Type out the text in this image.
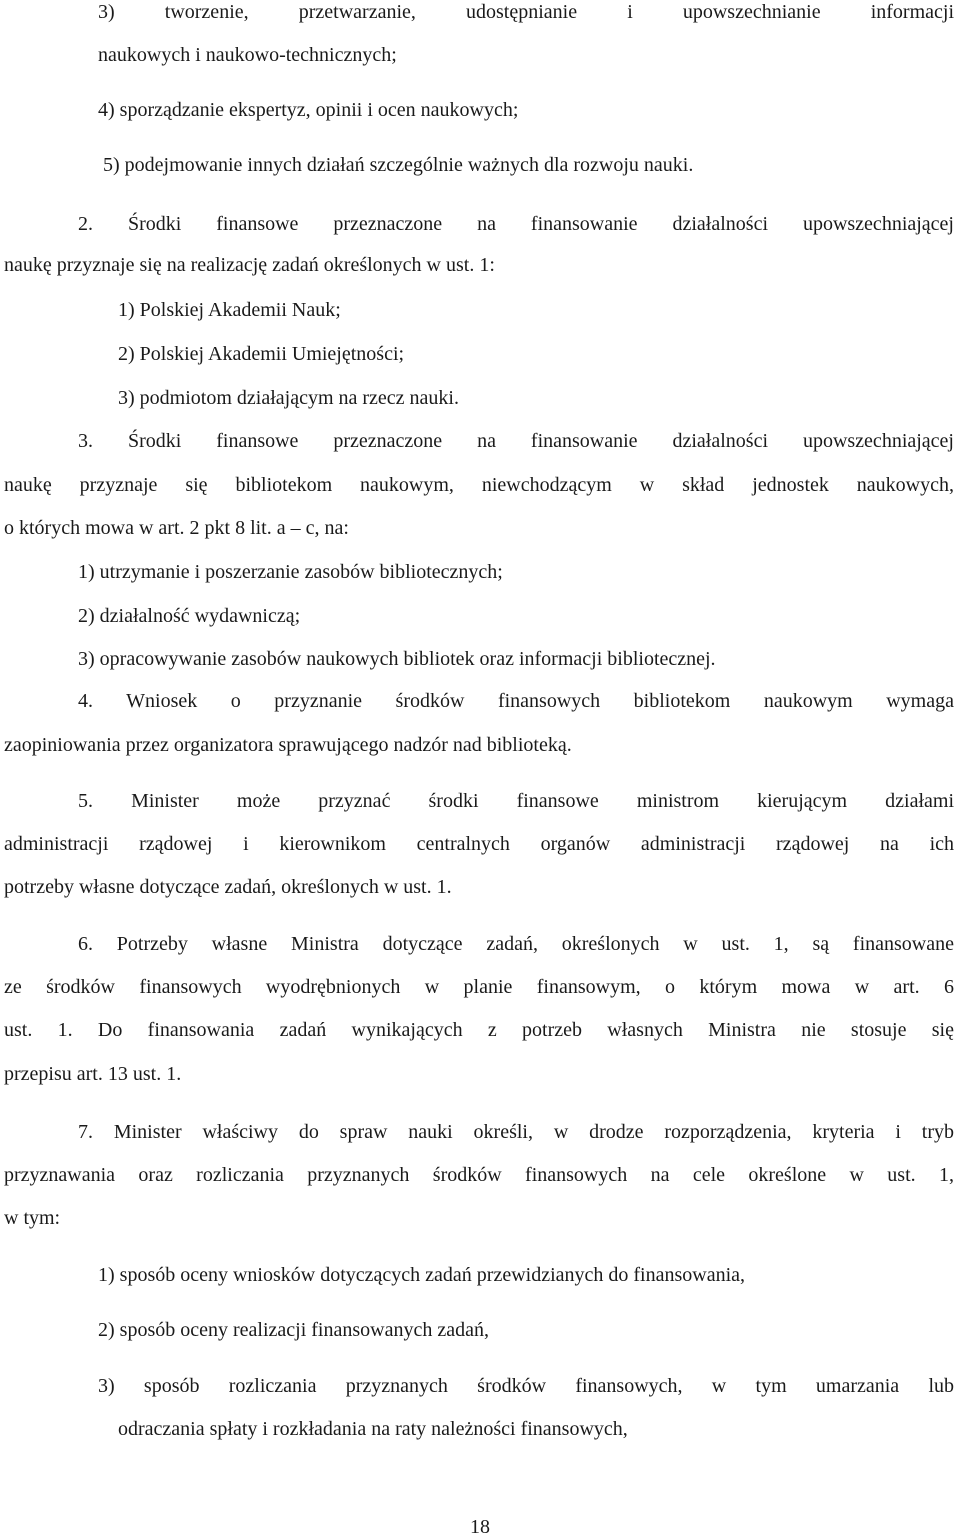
3) tworzenie, przetwarzanie, udostępnianie i upowszechnianie informacji
naukowych i naukowo-technicznych;
4) sporządzanie ekspertyz, opinii i ocen naukowych;
5) podejmowanie innych działań szczególnie ważnych dla rozwoju nauki.
2. Środki finansowe przeznaczone na finansowanie działalności upowszechniającej
naukę przyznaje się na realizację zadań określonych w ust. 1:
1) Polskiej Akademii Nauk;
2) Polskiej Akademii Umiejętności;
3) podmiotom działającym na rzecz nauki.
3. Środki finansowe przeznaczone na finansowanie działalności upowszechniającej
naukę przyznaje się bibliotekom naukowym, niewchodzącym w skład jednostek naukowych,
o których mowa w art. 2 pkt 8 lit. a – c, na:
1) utrzymanie i poszerzanie zasobów bibliotecznych;
2) działalność wydawniczą;
3) opracowywanie zasobów naukowych bibliotek oraz informacji bibliotecznej.
4. Wniosek o przyznanie środków finansowych bibliotekom naukowym wymaga
zaopiniowania przez organizatora sprawującego nadzór nad biblioteką.
5. Minister może przyznać środki finansowe ministrom kierującym działami
administracji rządowej i kierownikom centralnych organów administracji rządowej na ich
potrzeby własne dotyczące zadań, określonych w ust. 1.
6. Potrzeby własne Ministra dotyczące zadań, określonych w ust. 1, są finansowane
ze środków finansowych wyodrębnionych w planie finansowym, o którym mowa w art. 6
ust. 1. Do finansowania zadań wynikających z potrzeb własnych Ministra nie stosuje się
przepisu art. 13 ust. 1.
7. Minister właściwy do spraw nauki określi, w drodze rozporządzenia, kryteria i tryb
przyznawania oraz rozliczania przyznanych środków finansowych na cele określone w ust. 1,
w tym:
1) sposób oceny wniosków dotyczących zadań przewidzianych do finansowania,
2) sposób oceny realizacji finansowanych zadań,
3) sposób rozliczania przyznanych środków finansowych, w tym umarzania lub
odraczania spłaty i rozkładania na raty należności finansowych,
18
